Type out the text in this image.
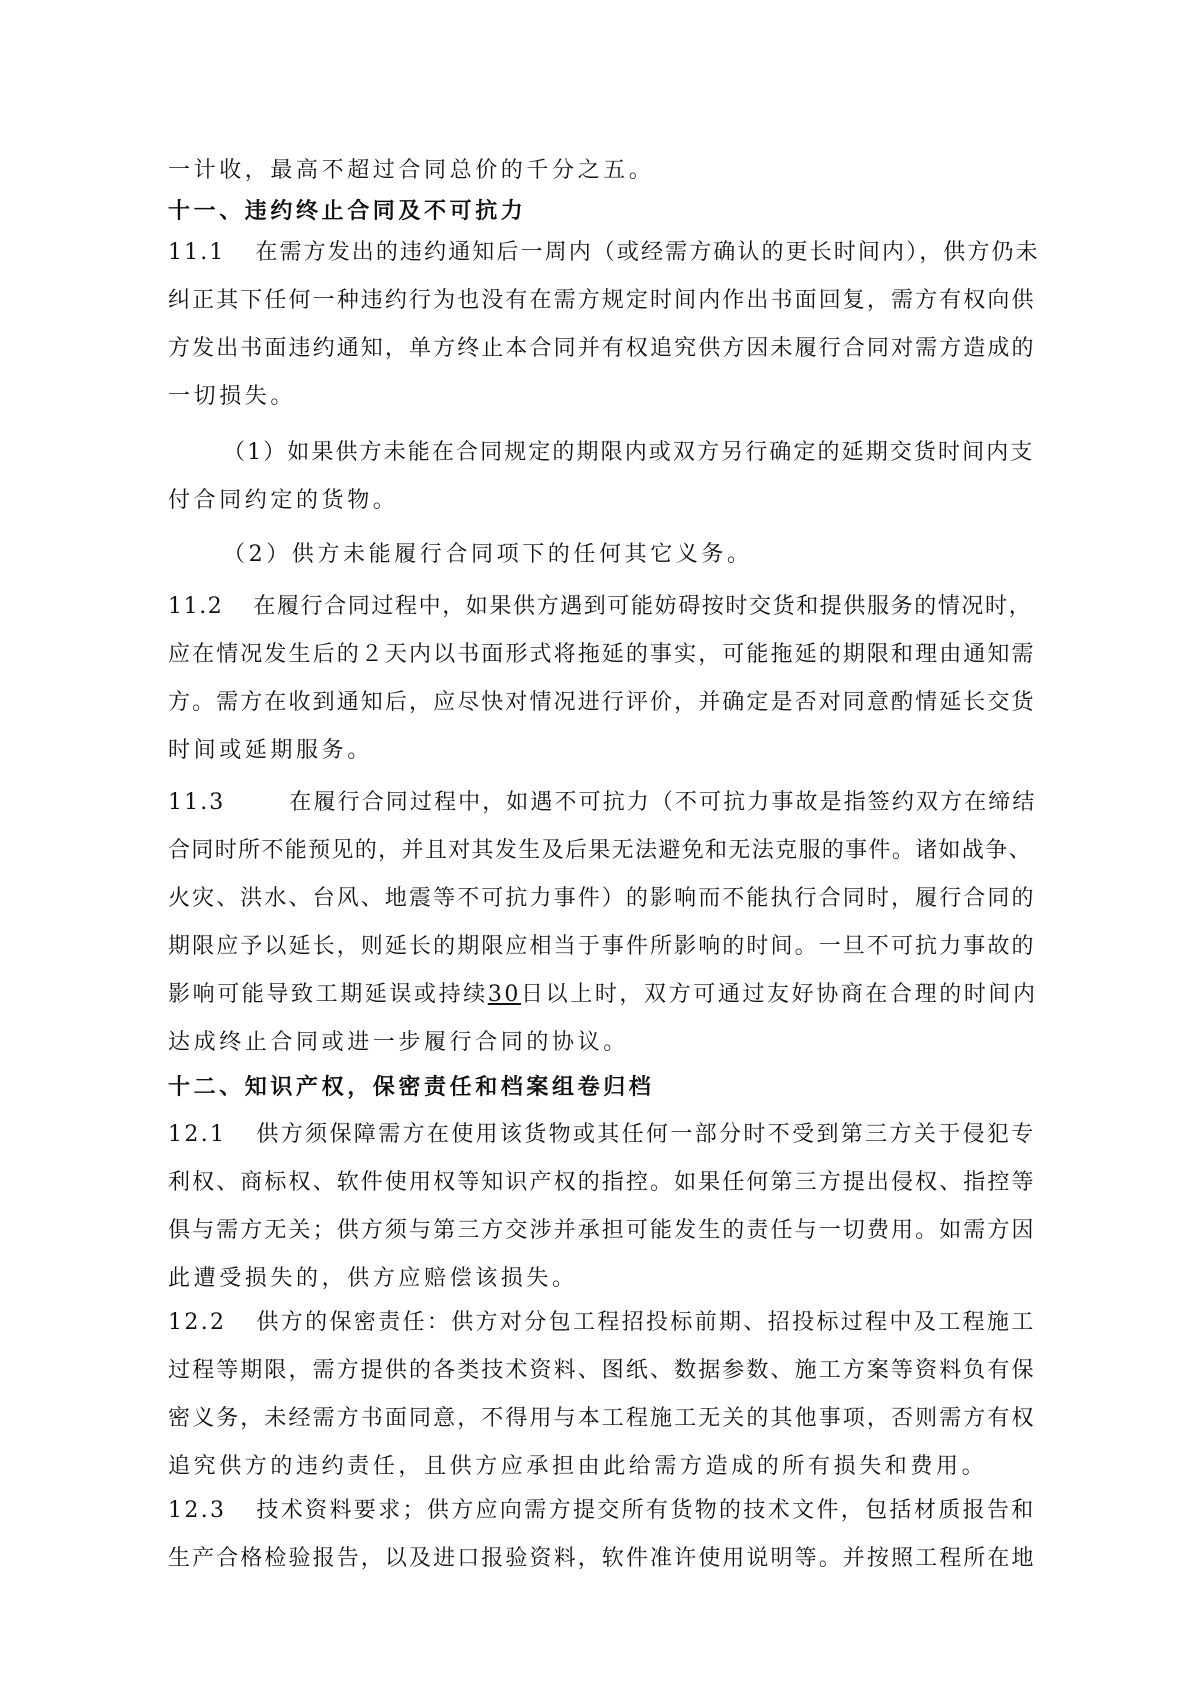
一计收，最高不超过合同总价的千分之五。
十一、违约终止合同及不可抗力
11.1 在需方发出的违约通知后一周内（或经需方确认的更长时间内），供方仍未
纠正其下任何一种违约行为也没有在需方规定时间内作出书面回复，需方有权向供
方发出书面违约通知，单方终止本合同并有权追究供方因未履行合同对需方造成的
一切损失。
（1）如果供方未能在合同规定的期限内或双方另行确定的延期交货时间内支
付合同约定的货物。
（2）供方未能履行合同项下的任何其它义务。
11.2 在履行合同过程中，如果供方遇到可能妨碍按时交货和提供服务的情况时，
应在情况发生后的２天内以书面形式将拖延的事实，可能拖延的期限和理由通知需
方。需方在收到通知后，应尽快对情况进行评价，并确定是否对同意酌情延长交货
时间或延期服务。
11.3	在履行合同过程中，如遇不可抗力（不可抗力事故是指签约双方在缔结
合同时所不能预见的，并且对其发生及后果无法避免和无法克服的事件。诸如战争、
火灾、洪水、台风、地震等不可抗力事件）的影响而不能执行合同时，履行合同的
期限应予以延长，则延长的期限应相当于事件所影响的时间。一旦不可抗力事故的
影响可能导致工期延误或持续30日以上时，双方可通过友好协商在合理的时间内
达成终止合同或进一步履行合同的协议。
十二、知识产权，保密责任和档案组卷归档
12.1 供方须保障需方在使用该货物或其任何一部分时不受到第三方关于侵犯专
利权、商标权、软件使用权等知识产权的指控。如果任何第三方提出侵权、指控等
俱与需方无关；供方须与第三方交涉并承担可能发生的责任与一切费用。如需方因
此遭受损失的，供方应赔偿该损失。
12.2 供方的保密责任：供方对分包工程招投标前期、招投标过程中及工程施工
过程等期限，需方提供的各类技术资料、图纸、数据参数、施工方案等资料负有保
密义务，未经需方书面同意，不得用与本工程施工无关的其他事项，否则需方有权
追究供方的违约责任，且供方应承担由此给需方造成的所有损失和费用。
12.3 技术资料要求；供方应向需方提交所有货物的技术文件，包括材质报告和
生产合格检验报告，以及进口报验资料，软件准许使用说明等。并按照工程所在地
